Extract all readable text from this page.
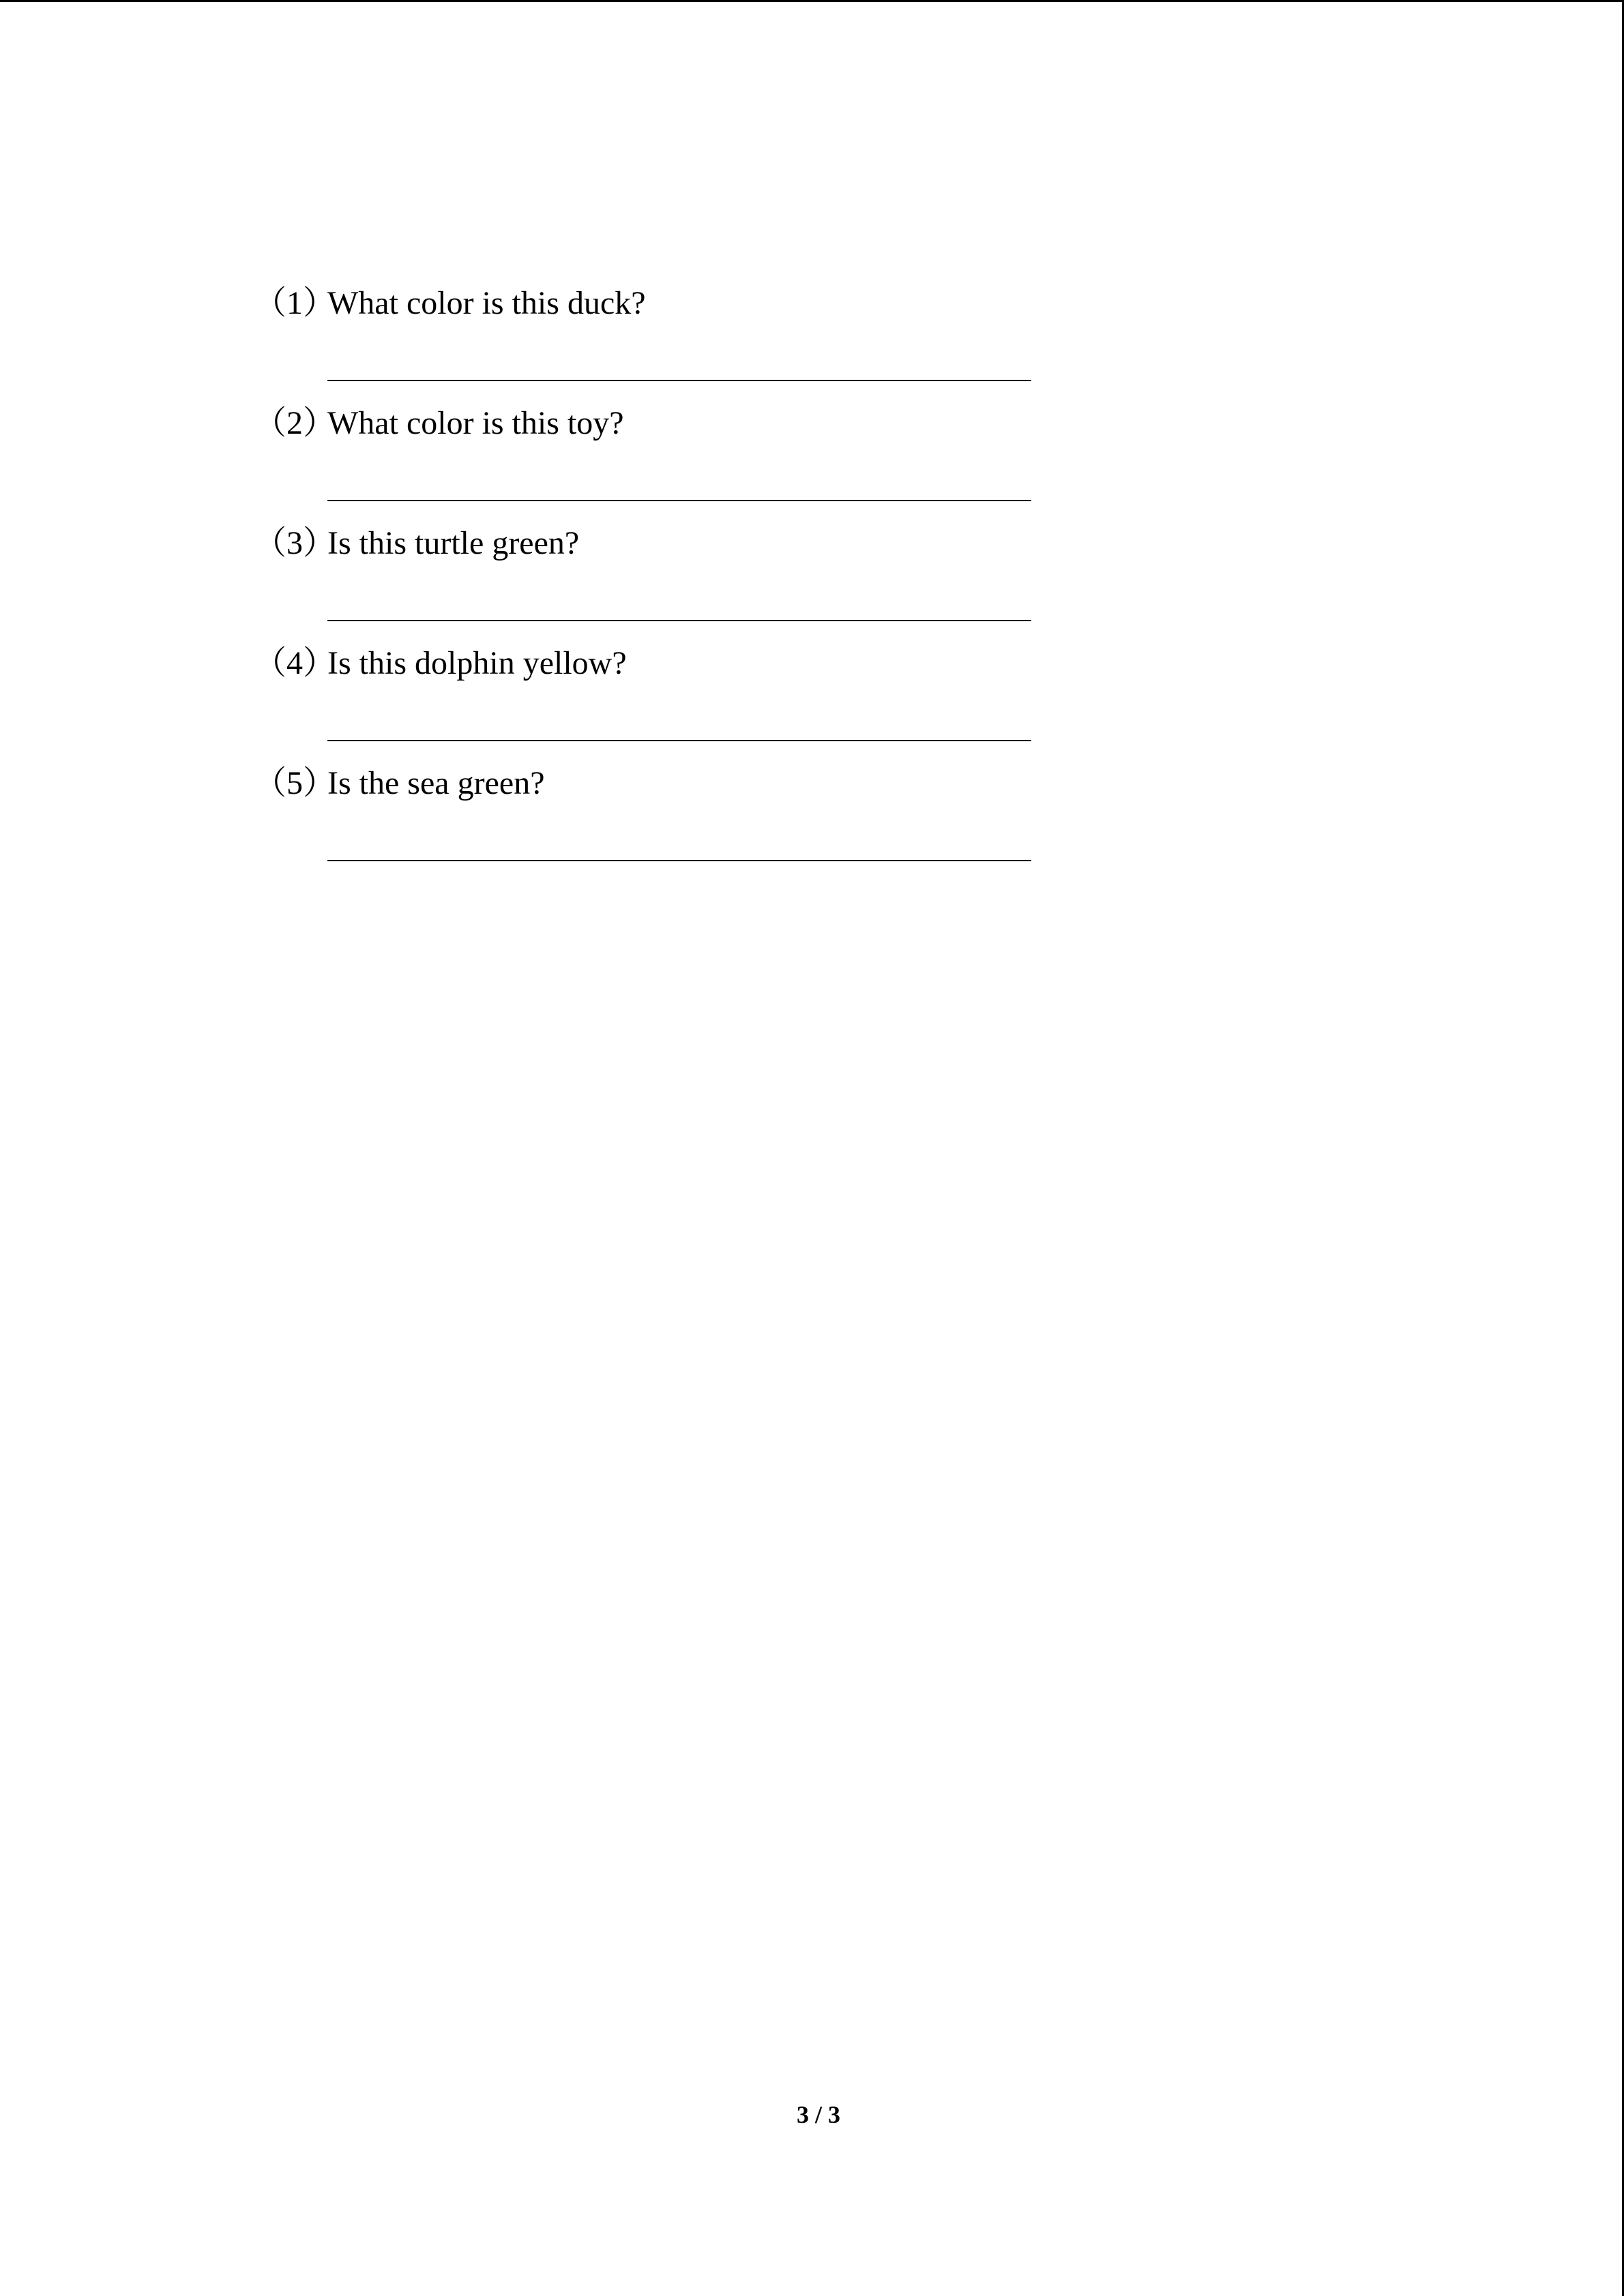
（1）
What color is this duck?
（2）
What color is this toy?
（3）
Is this turtle green?
（4）
Is this dolphin yellow?
（5）
Is the sea green?
3 / 3
